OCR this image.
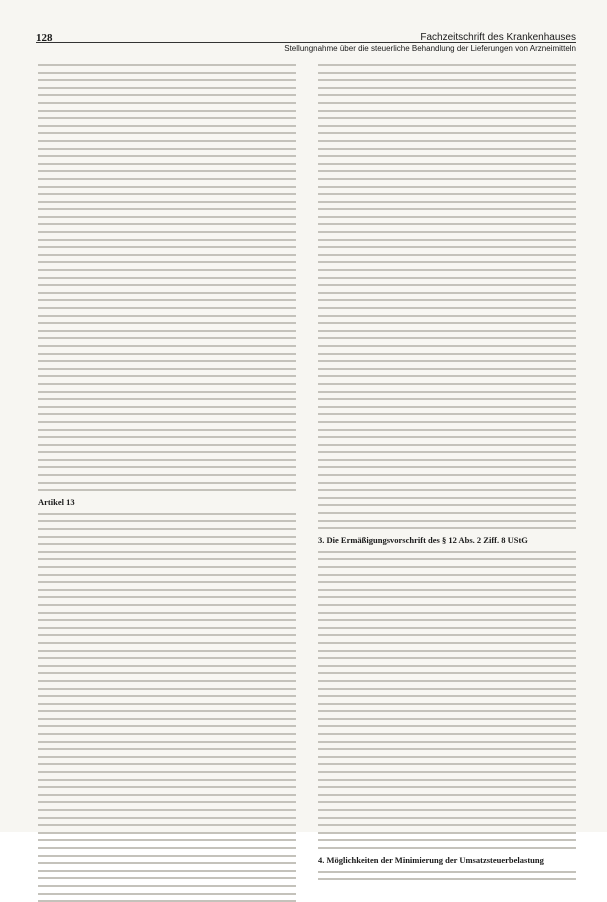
128	Fachzeitschrift des Krankenhauses
Stellungnahme über die steuerliche Behandlung der Lieferungen von Arzneimitteln
Artikel 13
3. Die Ermäßigungsvorschrift des § 12 Abs. 2 Ziff. 8 UStG
4. Möglichkeiten der Minimierung der Umsatzsteuerbelastung
